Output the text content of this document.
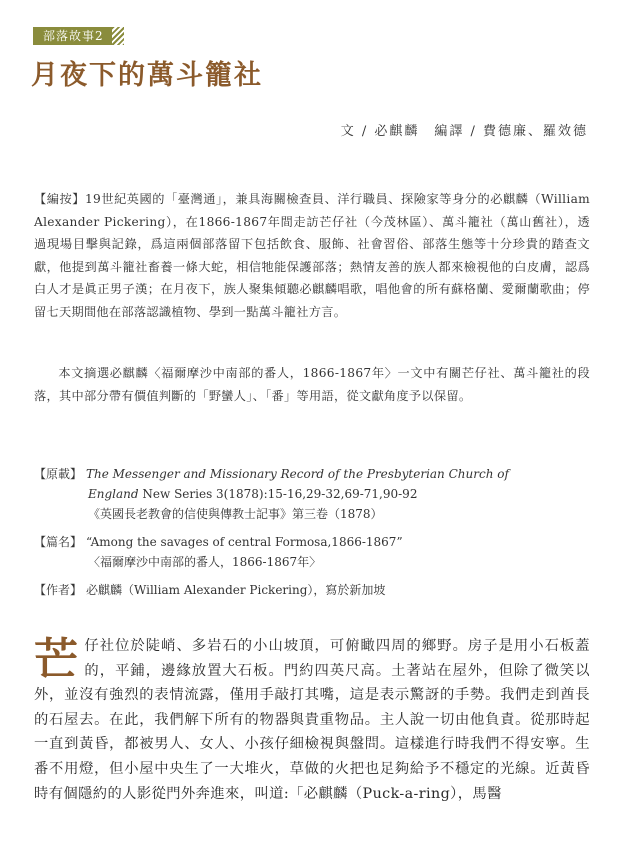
部落故事2
月夜下的萬斗籠社
文 / 必麒麟　編譯 / 費德廉、羅效德

【編按】19世紀英國的「臺灣通」，兼具海關檢查員、洋行職員、探險家等身分的必麒麟（William Alexander Pickering），在1866-1867年間走訪芒仔社（今茂林區）、萬斗籠社（萬山舊社），透過現場目擊與記錄，爲這兩個部落留下包括飲食、服飾、社會習俗、部落生態等十分珍貴的踏查文獻，他提到萬斗籠社畜養一條大蛇，相信牠能保護部落；熱情友善的族人都來檢視他的白皮膚，認爲白人才是眞正男子漢；在月夜下，族人聚集傾聽必麒麟唱歌，唱他會的所有蘇格蘭、愛爾蘭歌曲；停留七天期間他在部落認識植物、學到一點萬斗籠社方言。

本文摘選必麒麟〈福爾摩沙中南部的番人，1866-1867年〉一文中有關芒仔社、萬斗籠社的段落，其中部分帶有價值判斷的「野蠻人」、「番」等用語，從文獻角度予以保留。

【原載】 The Messenger and Missionary Record of the Presbyterian Church of
England New Series 3(1878):15-16,29-32,69-71,90-92
《英國長老教會的信使與傳教士記事》第三卷（1878）
【篇名】 “Among the savages of central Formosa,1866-1867”
〈福爾摩沙中南部的番人，1866-1867年〉
【作者】 必麒麟（William Alexander Pickering），寫於新加坡

芒仔社位於陡峭、多岩石的小山坡頂，可俯瞰四周的鄉野。房子是用小石板蓋的，平鋪，邊緣放置大石板。門約四英尺高。土著站在屋外，但除了微笑以外，並沒有強烈的表情流露，僅用手敲打其嘴，這是表示驚訝的手勢。我們走到酋長的石屋去。在此，我們解下所有的物器與貴重物品。主人說一切由他負責。從那時起一直到黃昏，都被男人、女人、小孩仔細檢視與盤問。這樣進行時我們不得安寧。生番不用燈，但小屋中央生了一大堆火，草做的火把也足夠給予不穩定的光線。近黃昏時有個隱約的人影從門外奔進來，叫道:「必麒麟（Puck-a-ring），馬醫
